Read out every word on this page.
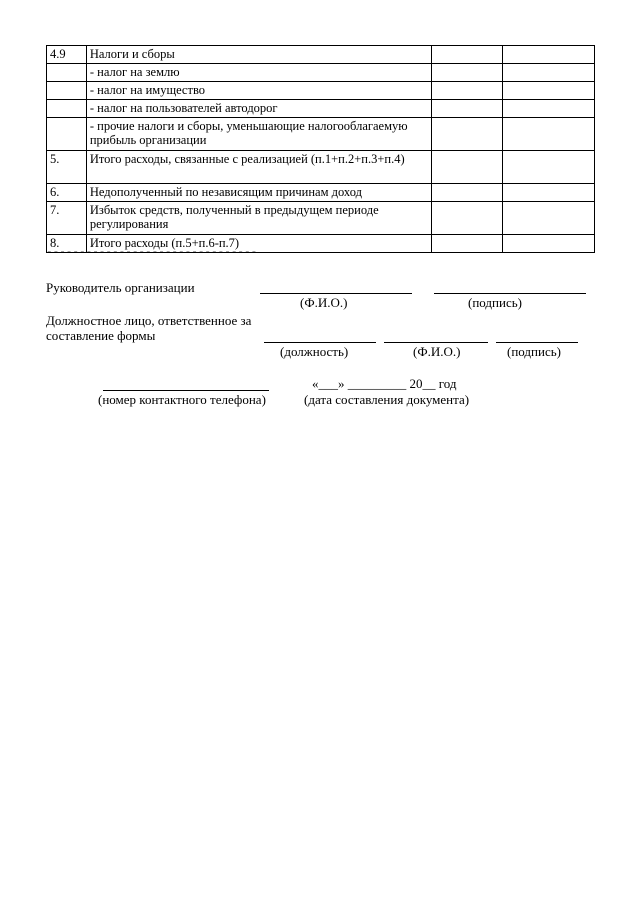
4.9	Налоги и сборы		
	- налог на землю		
	- налог на имущество		
	- налог на пользователей автодорог		
	- прочие налоги и сборы, уменьшающие налогооблагаемую прибыль организации		
5.	Итого расходы, связанные с реализацией (п.1+п.2+п.3+п.4)		
6.	Недополученный по независящим причинам доход		
7.	Избыток средств, полученный в предыдущем периоде регулирования		
8.	Итого расходы (п.5+п.6-п.7)		
--------------------------------
Руководитель организации
(Ф.И.О.)	(подпись)
Должностное лицо, ответственное за
составление формы
(должность)	(Ф.И.О.)	(подпись)
«___» _________ 20__ год
(номер контактного телефона)	(дата составления документа)
